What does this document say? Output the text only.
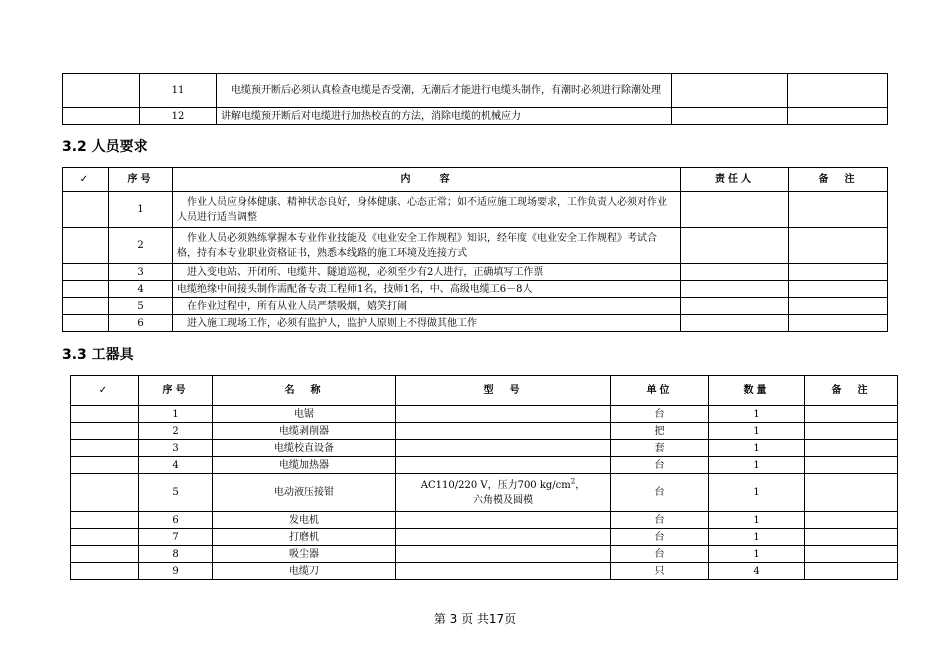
	11	电缆预开断后必须认真检查电缆是否受潮，无潮后才能进行电缆头制作，有潮时必须进行除潮处理		
	12	讲解电缆预开断后对电缆进行加热校直的方法，消除电缆的机械应力		
3.2 人员要求
✓	序号	内　　容	责任人	备　注
	1	作业人员应身体健康、精神状态良好，身体健康、心态正常；如不适应施工现场要求，工作负责人必须对作业人员进行适当调整		
	2	作业人员必须熟练掌握本专业作业技能及《电业安全工作规程》知识，经年度《电业安全工作规程》考试合格，持有本专业职业资格证书，熟悉本线路的施工环境及连接方式		
	3	进入变电站、开闭所、电缆井、隧道巡视，必须至少有2人进行，正确填写工作票		
	4	电缆绝缘中间接头制作需配备专责工程师1名，技师1名，中、高级电缆工6－8人		
	5	在作业过程中，所有从业人员严禁吸烟，嬉笑打闹		
	6	进入施工现场工作，必须有监护人，监护人原则上不得做其他工作		
3.3 工器具
✓	序号	名　称	型　号	单位	数量	备　注
	1	电锯		台	1	
	2	电缆剥削器		把	1	
	3	电缆校直设备		套	1	
	4	电缆加热器		台	1	
	5	电动液压接钳	AC110/220 V，压力700 $kg/cm^2$，
六角模及圆模	台	1	
	6	发电机		台	1	
	7	打磨机		台	1	
	8	吸尘器		台	1	
	9	电缆刀		只	4	
第 3 页 共17页
